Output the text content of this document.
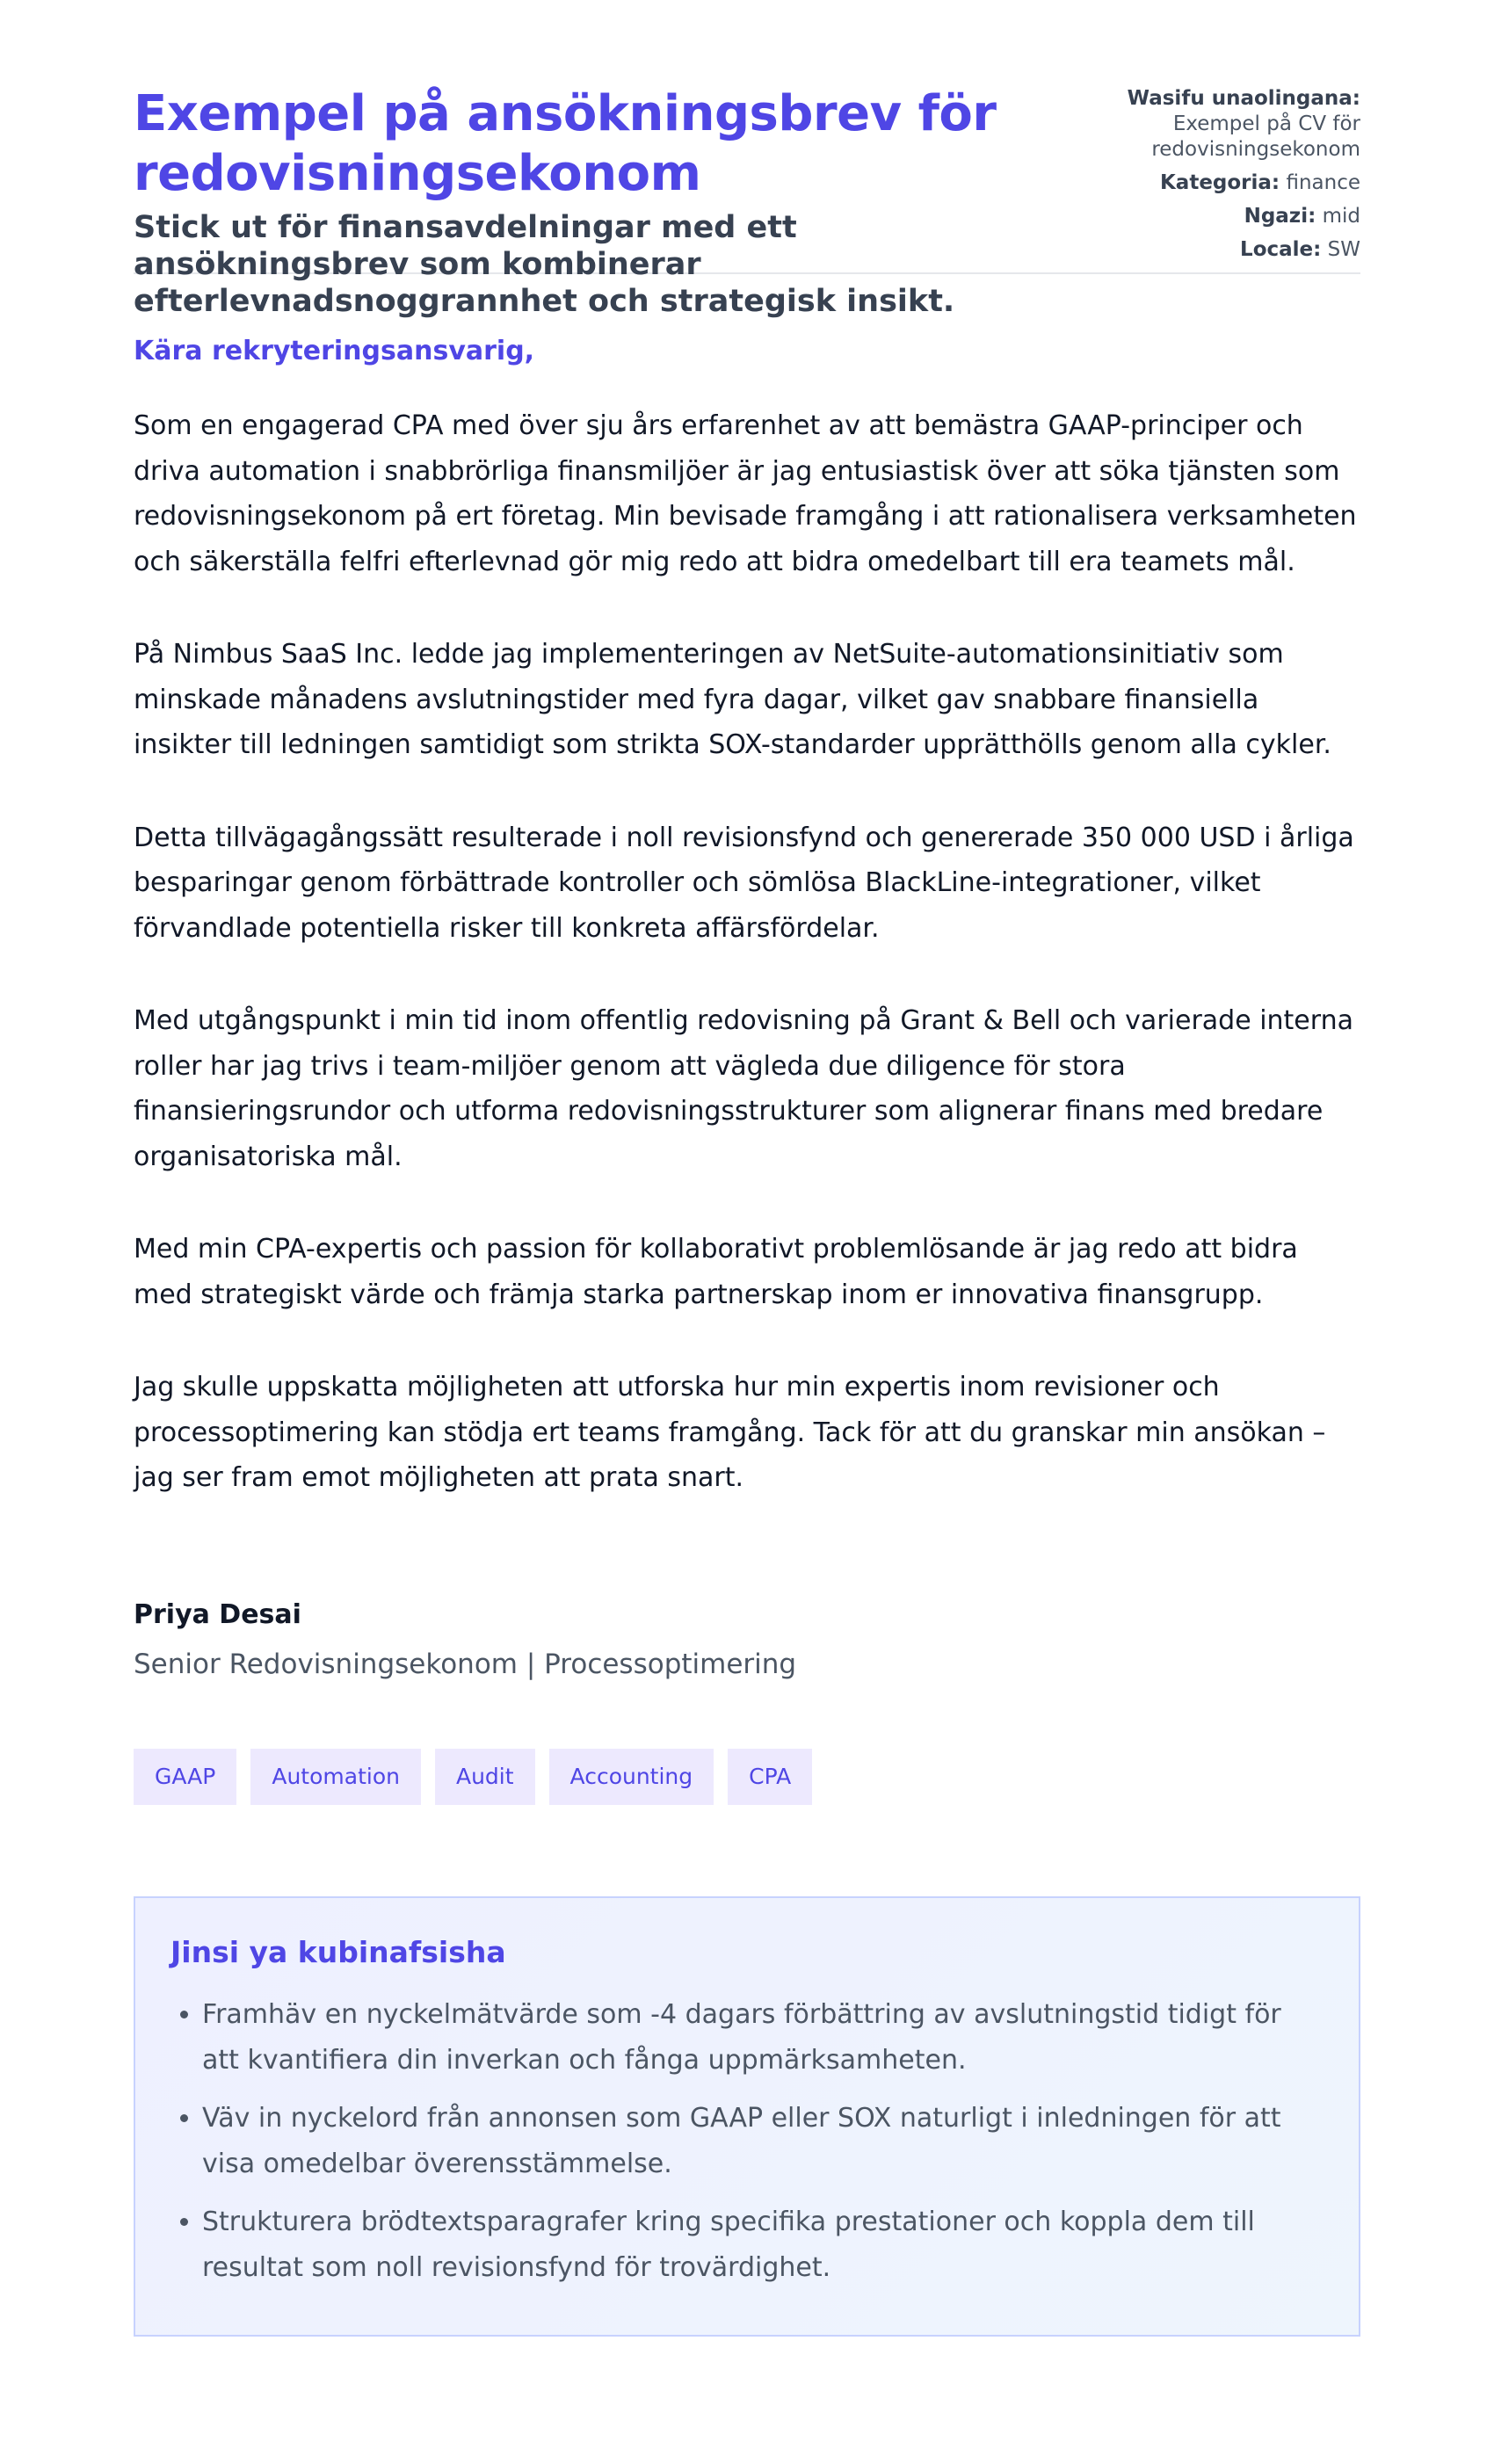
Exempel på ansökningsbrev för redovisningsekonom
Stick ut för finansavdelningar med ett ansökningsbrev som kombinerar efterlevnadsnoggrannhet och strategisk insikt.
Wasifu unaolingana:
Exempel på CV för redovisningsekonom
Kategoria: finance
Ngazi: mid
Locale: SW
Kära rekryteringsansvarig,

Som en engagerad CPA med över sju års erfarenhet av att bemästra GAAP-principer och driva automation i snabbrörliga finansmiljöer är jag entusiastisk över att söka tjänsten som redovisningsekonom på ert företag. Min bevisade framgång i att rationalisera verksamheten och säkerställa felfri efterlevnad gör mig redo att bidra omedelbart till era teamets mål.

På Nimbus SaaS Inc. ledde jag implementeringen av NetSuite-automationsinitiativ som minskade månadens avslutningstider med fyra dagar, vilket gav snabbare finansiella insikter till ledningen samtidigt som strikta SOX-standarder upprätthölls genom alla cykler.

Detta tillvägagångssätt resulterade i noll revisionsfynd och genererade 350 000 USD i årliga besparingar genom förbättrade kontroller och sömlösa BlackLine-integrationer, vilket förvandlade potentiella risker till konkreta affärsfördelar.

Med utgångspunkt i min tid inom offentlig redovisning på Grant & Bell och varierade interna roller har jag trivs i team-miljöer genom att vägleda due diligence för stora finansieringsrundor och utforma redovisningsstrukturer som alignerar finans med bredare organisatoriska mål.

Med min CPA-expertis och passion för kollaborativt problemlösande är jag redo att bidra med strategiskt värde och främja starka partnerskap inom er innovativa finansgrupp.

Jag skulle uppskatta möjligheten att utforska hur min expertis inom revisioner och processoptimering kan stödja ert teams framgång. Tack för att du granskar min ansökan – jag ser fram emot möjligheten att prata snart.

Priya Desai
Senior Redovisningsekonom | Processoptimering
GAAP	Automation	Audit	Accounting	CPA
Jinsi ya kubinafsisha
• Framhäv en nyckelmätvärde som -4 dagars förbättring av avslutningstid tidigt för att kvantifiera din inverkan och fånga uppmärksamheten.
• Väv in nyckelord från annonsen som GAAP eller SOX naturligt i inledningen för att visa omedelbar överensstämmelse.
• Strukturera brödtextsparagrafer kring specifika prestationer och koppla dem till resultat som noll revisionsfynd för trovärdighet.
